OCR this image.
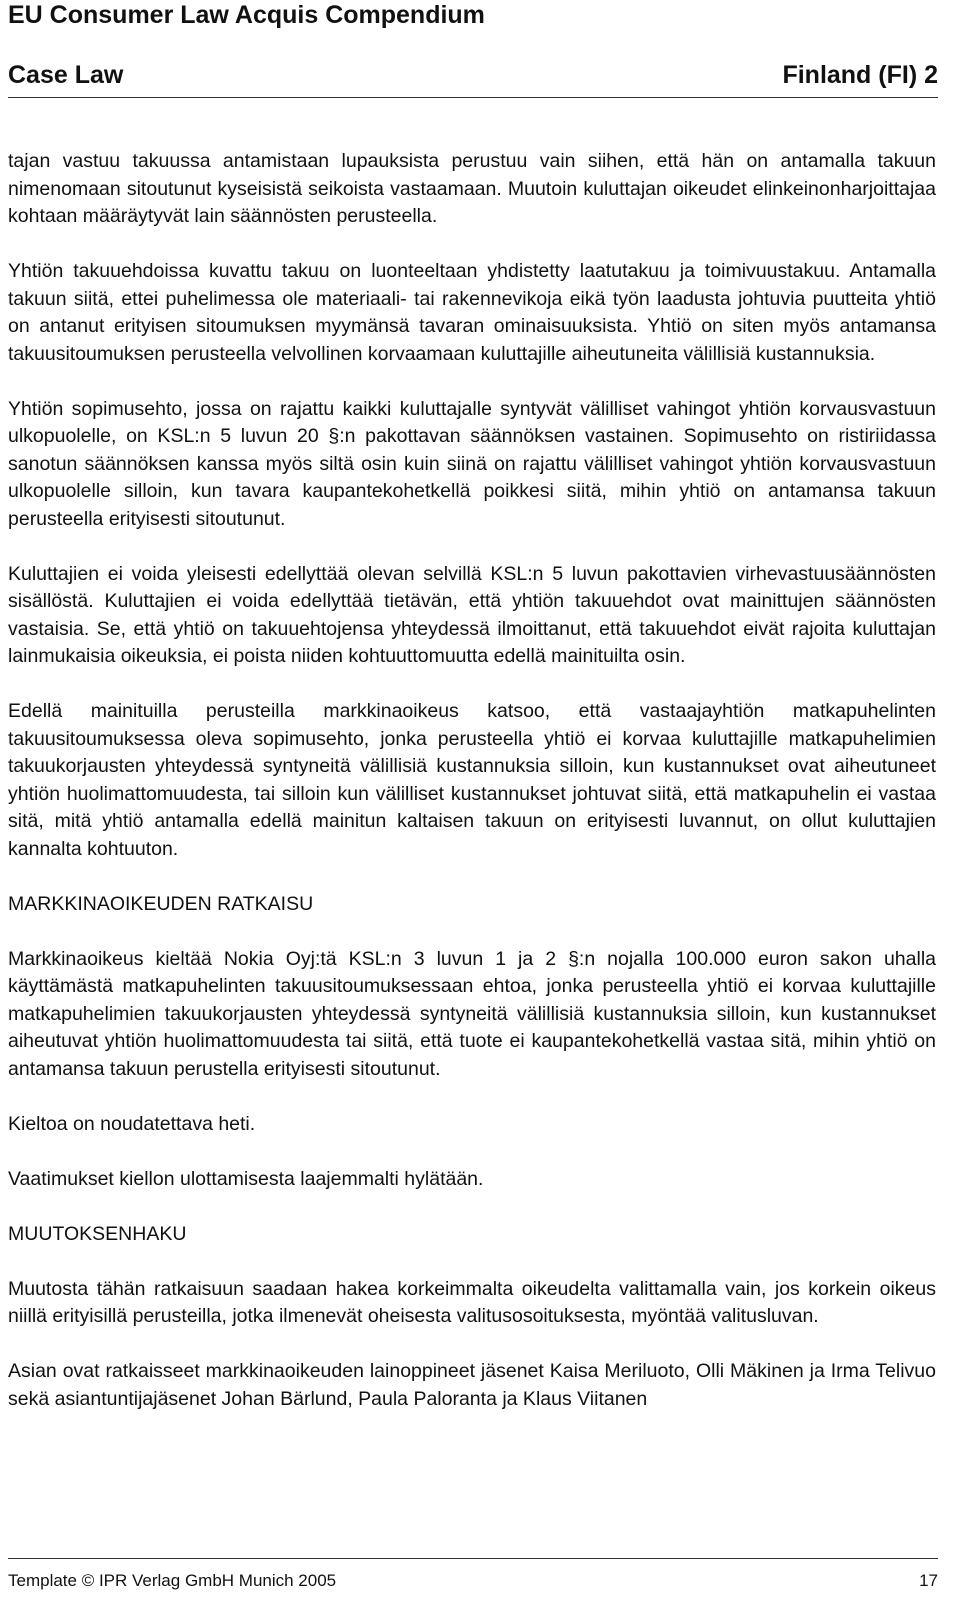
EU Consumer Law Acquis Compendium
Case Law	Finland (FI) 2

tajan vastuu takuussa antamistaan lupauksista perustuu vain siihen, että hän on antamalla takuun nimenomaan sitoutunut kyseisistä seikoista vastaamaan. Muutoin kuluttajan oikeudet elinkeinonharjoittajaa kohtaan määräytyvät lain säännösten perusteella.

Yhtiön takuuehdoissa kuvattu takuu on luonteeltaan yhdistetty laatutakuu ja toimivuustakuu. Antamalla takuun siitä, ettei puhelimessa ole materiaali- tai rakennevikoja eikä työn laadusta johtuvia puutteita yhtiö on antanut erityisen sitoumuksen myymänsä tavaran ominaisuuksista. Yhtiö on siten myös antamansa takuusitoumuksen perusteella velvollinen korvaamaan kuluttajille aiheutuneita välillisiä kustannuksia.

Yhtiön sopimusehto, jossa on rajattu kaikki kuluttajalle syntyvät välilliset vahingot yhtiön korvausvastuun ulkopuolelle, on KSL:n 5 luvun 20 §:n pakottavan säännöksen vastainen. Sopimusehto on ristiriidassa sanotun säännöksen kanssa myös siltä osin kuin siinä on rajattu välilliset vahingot yhtiön korvausvastuun ulkopuolelle silloin, kun tavara kaupantekohetkellä poikkesi siitä, mihin yhtiö on antamansa takuun perusteella erityisesti sitoutunut.

Kuluttajien ei voida yleisesti edellyttää olevan selvillä KSL:n 5 luvun pakottavien virhevastuusäännösten sisällöstä. Kuluttajien ei voida edellyttää tietävän, että yhtiön takuuehdot ovat mainittujen säännösten vastaisia. Se, että yhtiö on takuuehtojensa yhteydessä ilmoittanut, että takuuehdot eivät rajoita kuluttajan lainmukaisia oikeuksia, ei poista niiden kohtuuttomuutta edellä mainituilta osin.

Edellä mainituilla perusteilla markkinaoikeus katsoo, että vastaajayhtiön matkapuhelinten takuusitoumuksessa oleva sopimusehto, jonka perusteella yhtiö ei korvaa kuluttajille matkapuhelimien takuukorjausten yhteydessä syntyneitä välillisiä kustannuksia silloin, kun kustannukset ovat aiheutuneet yhtiön huolimattomuudesta, tai silloin kun välilliset kustannukset johtuvat siitä, että matkapuhelin ei vastaa sitä, mitä yhtiö antamalla edellä mainitun kaltaisen takuun on erityisesti luvannut, on ollut kuluttajien kannalta kohtuuton.

MARKKINAOIKEUDEN RATKAISU

Markkinaoikeus kieltää Nokia Oyj:tä KSL:n 3 luvun 1 ja 2 §:n nojalla 100.000 euron sakon uhalla käyttämästä matkapuhelinten takuusitoumuksessaan ehtoa, jonka perusteella yhtiö ei korvaa kuluttajille matkapuhelimien takuukorjausten yhteydessä syntyneitä välillisiä kustannuksia silloin, kun kustannukset aiheutuvat yhtiön huolimattomuudesta tai siitä, että tuote ei kaupantekohetkellä vastaa sitä, mihin yhtiö on antamansa takuun perustella erityisesti sitoutunut.

Kieltoa on noudatettava heti.

Vaatimukset kiellon ulottamisesta laajemmalti hylätään.

MUUTOKSENHAKU

Muutosta tähän ratkaisuun saadaan hakea korkeimmalta oikeudelta valittamalla vain, jos korkein oikeus niillä erityisillä perusteilla, jotka ilmenevät oheisesta valitusosoituksesta, myöntää valitusluvan.

Asian ovat ratkaisseet markkinaoikeuden lainoppineet jäsenet Kaisa Meriluoto, Olli Mäkinen ja Irma Telivuo sekä asiantuntijajäsenet Johan Bärlund, Paula Paloranta ja Klaus Viitanen

Template © IPR Verlag GmbH Munich 2005	17
